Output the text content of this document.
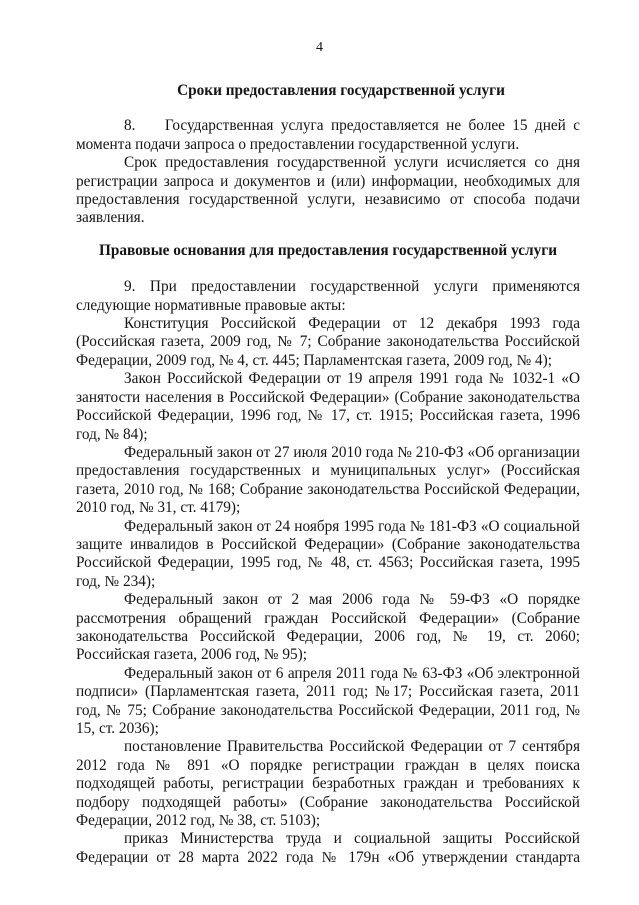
4
Сроки предоставления государственной услуги

8.    Государственная услуга предоставляется не более 15 дней с момента подачи запроса о предоставлении государственной услуги.

Срок предоставления государственной услуги исчисляется со дня регистрации запроса и документов и (или) информации, необходимых для предоставления государственной услуги, независимо от способа подачи заявления.

Правовые основания для предоставления государственной услуги

9. При предоставлении государственной услуги применяются следующие нормативные правовые акты:

Конституция Российской Федерации от 12 декабря 1993 года (Российская газета, 2009 год, № 7; Собрание законодательства Российской Федерации, 2009 год, № 4, ст. 445; Парламентская газета, 2009 год, № 4);

Закон Российской Федерации от 19 апреля 1991 года № 1032-1 «О занятости населения в Российской Федерации» (Собрание законодательства Российской Федерации, 1996 год, № 17, ст. 1915; Российская газета, 1996 год, № 84);

Федеральный закон от 27 июля 2010 года № 210-ФЗ «Об организации предоставления государственных и муниципальных услуг» (Российская газета, 2010 год, № 168; Собрание законодательства Российской Федерации, 2010 год, № 31, ст. 4179);

Федеральный закон от 24 ноября 1995 года № 181-ФЗ «О социальной защите инвалидов в Российской Федерации» (Собрание законодательства Российской Федерации, 1995 год, № 48, ст. 4563; Российская газета, 1995 год, № 234);

Федеральный закон от 2 мая 2006 года № 59-ФЗ «О порядке рассмотрения обращений граждан Российской Федерации» (Собрание законодательства Российской Федерации, 2006 год, № 19, ст. 2060; Российская газета, 2006 год, № 95);

Федеральный закон от 6 апреля 2011 года № 63-ФЗ «Об электронной подписи» (Парламентская газета, 2011 год; №17; Российская газета, 2011 год, № 75; Собрание законодательства Российской Федерации, 2011 год, № 15, ст. 2036);

постановление Правительства Российской Федерации от 7 сентября 2012 года № 891 «О порядке регистрации граждан в целях поиска подходящей работы, регистрации безработных граждан и требованиях к подбору подходящей работы» (Собрание законодательства Российской Федерации, 2012 год, № 38, ст. 5103);

приказ Министерства труда и социальной защиты Российской Федерации от 28 марта 2022 года № 179н «Об утверждении стандарта
